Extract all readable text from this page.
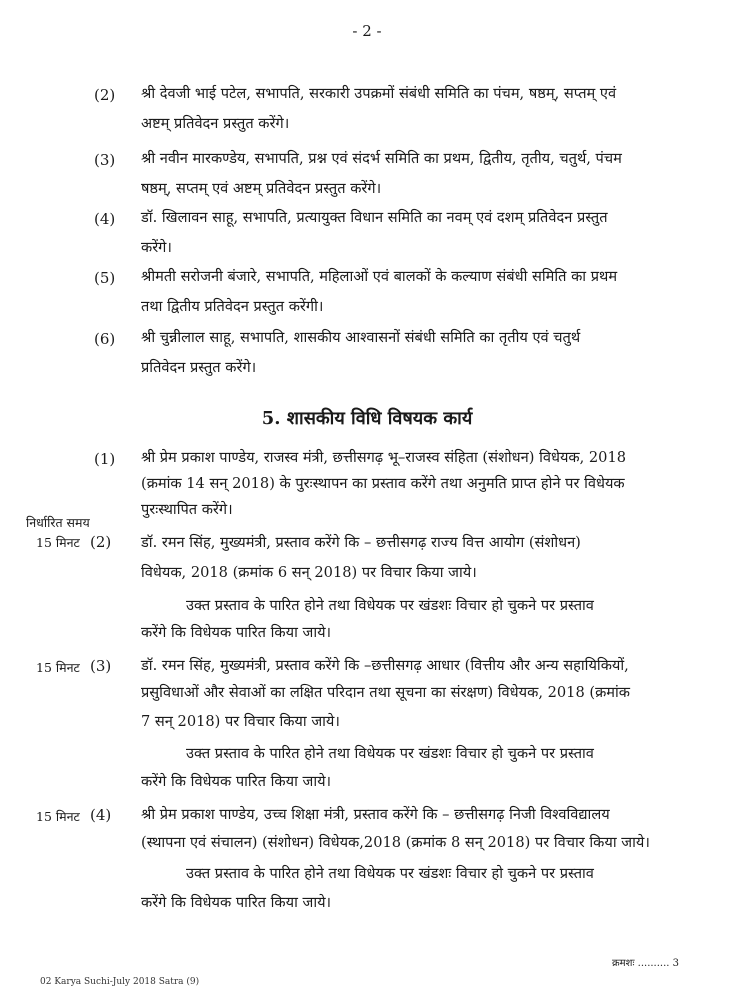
- 2 -
(2) श्री देवजी भाई पटेल, सभापति, सरकारी उपक्रमों संबंधी समिति का पंचम, षष्ठम्, सप्तम् एवं
अष्टम् प्रतिवेदन प्रस्तुत करेंगे।
(3) श्री नवीन मारकण्डेय, सभापति, प्रश्न एवं संदर्भ समिति का प्रथम, द्वितीय, तृतीय, चतुर्थ, पंचम
षष्ठम्, सप्तम् एवं अष्टम् प्रतिवेदन प्रस्तुत करेंगे।
(4) डॉ. खिलावन साहू, सभापति, प्रत्यायुक्त विधान समिति का नवम् एवं दशम् प्रतिवेदन प्रस्तुत
करेंगे।
(5) श्रीमती सरोजनी बंजारे, सभापति, महिलाओं एवं बालकों के कल्याण संबंधी समिति का प्रथम
तथा द्वितीय प्रतिवेदन प्रस्तुत करेंगी।
(6) श्री चुन्नीलाल साहू, सभापति, शासकीय आश्वासनों संबंधी समिति का तृतीय एवं चतुर्थ
प्रतिवेदन प्रस्तुत करेंगे।
5. शासकीय विधि विषयक कार्य
(1) श्री प्रेम प्रकाश पाण्डेय, राजस्व मंत्री, छत्तीसगढ़ भू–राजस्व संहिता (संशोधन) विधेयक, 2018
(क्रमांक 14 सन् 2018) के पुरःस्थापन का प्रस्ताव करेंगे तथा अनुमति प्राप्त होने पर विधेयक
पुरःस्थापित करेंगे।
निर्धारित समय
15 मिनट (2) डॉ. रमन सिंह, मुख्यमंत्री, प्रस्ताव करेंगे कि – छत्तीसगढ़ राज्य वित्त आयोग (संशोधन)
विधेयक, 2018 (क्रमांक 6 सन् 2018) पर विचार किया जाये।
उक्त प्रस्ताव के पारित होने तथा विधेयक पर खंडशः विचार हो चुकने पर प्रस्ताव
करेंगे कि विधेयक पारित किया जाये।
15 मिनट (3) डॉ. रमन सिंह, मुख्यमंत्री, प्रस्ताव करेंगे कि –छत्तीसगढ़ आधार (वित्तीय और अन्य सहायिकियों,
प्रसुविधाओं और सेवाओं का लक्षित परिदान तथा सूचना का संरक्षण) विधेयक, 2018 (क्रमांक
7 सन् 2018) पर विचार किया जाये।
उक्त प्रस्ताव के पारित होने तथा विधेयक पर खंडशः विचार हो चुकने पर प्रस्ताव
करेंगे कि विधेयक पारित किया जाये।
15 मिनट (4) श्री प्रेम प्रकाश पाण्डेय, उच्च शिक्षा मंत्री, प्रस्ताव करेंगे कि – छत्तीसगढ़ निजी विश्वविद्यालय
(स्थापना एवं संचालन) (संशोधन) विधेयक,2018 (क्रमांक 8 सन् 2018) पर विचार किया जाये।
उक्त प्रस्ताव के पारित होने तथा विधेयक पर खंडशः विचार हो चुकने पर प्रस्ताव
करेंगे कि विधेयक पारित किया जाये।
क्रमशः .......... 3
02 Karya Suchi-July 2018 Satra (9)
